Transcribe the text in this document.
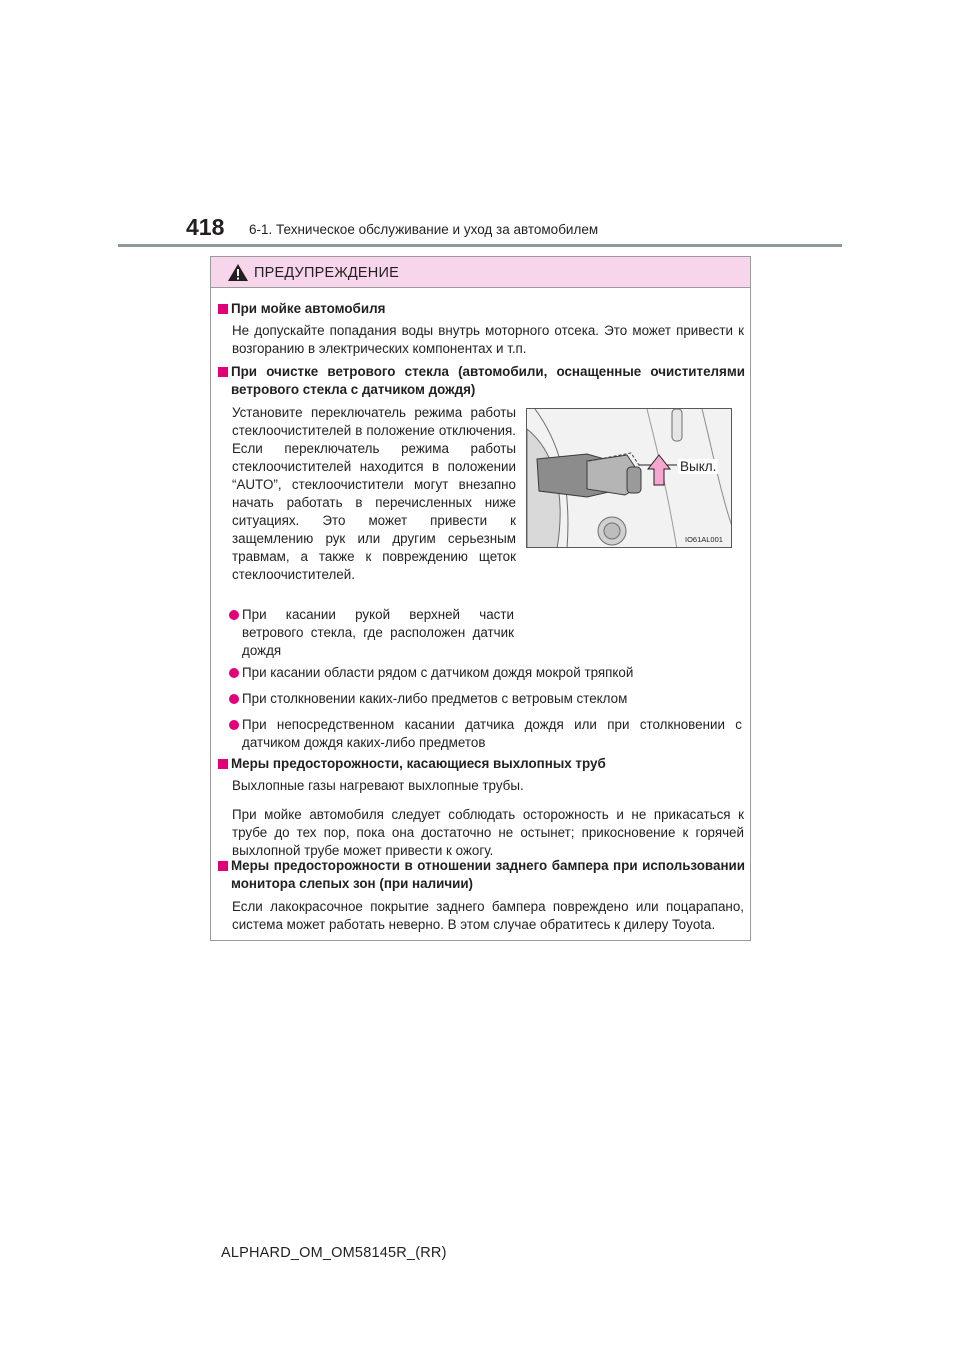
418 6-1. Техническое обслуживание и уход за автомобилем
ПРЕДУПРЕЖДЕНИЕ
При мойке автомобиля
Не допускайте попадания воды внутрь моторного отсека. Это может привести к возгоранию в электрических компонентах и т.п.
При очистке ветрового стекла (автомобили, оснащенные очистителями ветрового стекла с датчиком дождя)
Установите переключатель режима работы стеклоочистителей в положение отключения. Если переключатель режима работы стеклоочистителей находится в положении “AUTO”, стеклоочистители могут внезапно начать работать в перечисленных ниже ситуациях. Это может привести к защемлению рук или другим серьезным травмам, а также к повреждению щеток стеклоочистителей.
При касании рукой верхней части ветрового стекла, где расположен датчик дождя
При касании области рядом с датчиком дождя мокрой тряпкой
При столкновении каких-либо предметов с ветровым стеклом
При непосредственном касании датчика дождя или при столкновении с датчиком дождя каких-либо предметов
Меры предосторожности, касающиеся выхлопных труб
Выхлопные газы нагревают выхлопные трубы.
При мойке автомобиля следует соблюдать осторожность и не прикасаться к трубе до тех пор, пока она достаточно не остынет; прикосновение к горячей выхлопной трубе может привести к ожогу.
Меры предосторожности в отношении заднего бампера при использовании монитора слепых зон (при наличии)
Если лакокрасочное покрытие заднего бампера повреждено или поцарапано, система может работать неверно. В этом случае обратитесь к дилеру Toyota.
Выкл.
IO61AL001
ALPHARD_OM_OM58145R_(RR)
